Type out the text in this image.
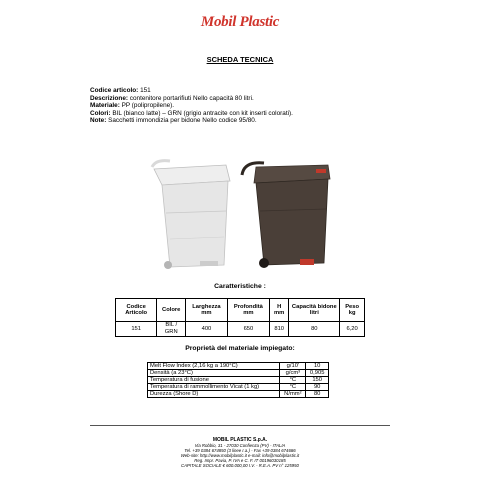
Mobil Plastic
SCHEDA TECNICA
Codice articolo: 151
Descrizione: contenitore portarifiuti Nello capacità 80 litri.
Materiale: PP (polipropilene).
Colori: BIL (bianco latte) – GRN (grigio antracite con kit inserti colorati).
Note: Sacchetti immondizia per bidone Nello codice 95/80.
Caratteristiche :
Codice Articolo	Colore	Larghezza mm	Profondità mm	H mm	Capacità bidone litri	Peso kg
151	BIL / GRN	400	650	810	80	6,20
Proprietà del materiale impiegato:
Melt Flow Index (2,16 kg a 190°C)	g/10'	10
Densità (a 23°C)	g/cm³	0,905
Temperatura di fusione	°C	150
Temperatura di rammollimento Vicat (1 kg)	°C	90
Durezza (Shore D)	N/mm²	80
MOBIL PLASTIC S.p.A.
Via Robbio, 31 - 27030 Confienza (PV) - ITALIA
Tel. +39 0384 674850 (3 linee r.a.) - Fax +39 0384 674686
Web-site: http://www.mobilplastic.it e-mail: info@mobilplastic.it
Reg. Impr. Pavia, P. IVA e C. F. IT 00196030185
CAPITALE SOCIALE € 600.000,00 I.V. - R.E.A. PV n° 125950
